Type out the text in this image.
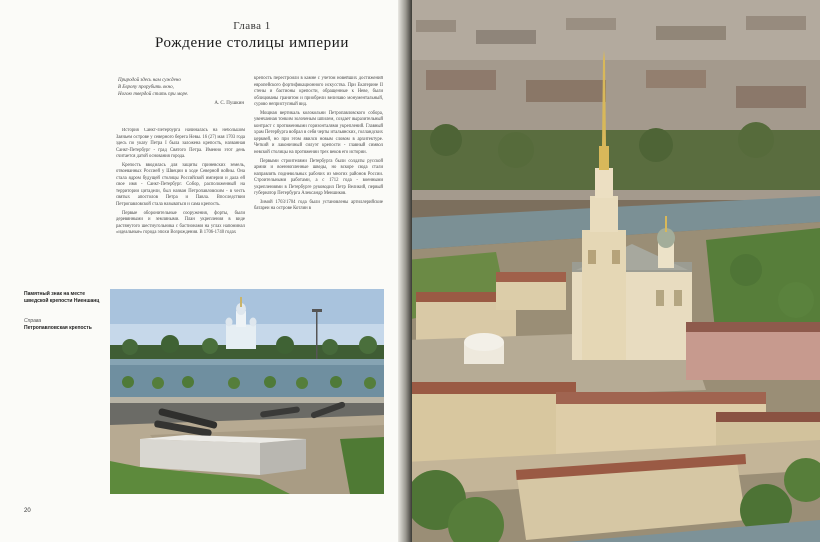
Глава 1
Рождение столицы империи
Природой здесь нам суждено
В Европу прорубить окно,
Ногою твердой стать при море.
А. С. Пушкин

История Санкт-Петербурга начиналась на небольшом Заячьем острове у северного берега Невы. 16 (27) мая 1703 года здесь по указу Петра I была заложена крепость, названная Санкт-Петербург - град Святого Петра. Именно этот день считается датой основания города.

Крепость вводилась для защиты приневских земель, отвоеванных Россией у Швеции в ходе Северной войны. Она стала ядром будущей столицы Российской империи и дала ей свое имя - Санкт-Петербург. Собор, расположенный на территории цитадели, был назван Петропавловским - в честь святых апостолов Петра и Павла. Впоследствии Петропавловской стала называться и сама крепость.

Первые оборонительные сооружения, форты, были деревянными и земляными. План укрепления в виде растянутого шестиугольника с бастионами на углах напоминал «идеальные» города эпохи Возрождения. В 1706-1740 годах

крепость перестроили в камне с учетом новейших достижений европейского фортификационного искусства. При Екатерине II стены и бастионы крепости, обращенные к Неве, были облицованы гранитом и приобрели величаво монументальный, сурово неприступный вид.

Мощная вертикаль колокольни Петропавловского собора, увенчанная тонким золоченым шпилем, создает выразительный контраст с протяженными горизонталями укреплений. Главный храм Петербурга вобрал в себя черты итальянских, голландских церквей, но при этом явился новым словом в архитектуре. Четкий и лаконичный силуэт крепости - главный символ невской столицы на протяжении трех веков его истории.

Первыми строителями Петербурга были солдаты русской армии и военнопленные шведы, но вскоре сюда стали направлять подневольных рабочих из многих районов России. Строительными работами, а с 1712 года - военными укреплениями в Петербурге руководил Петр Великий, первый губернатор Петербурга Александр Меншиков.

Зимой 1703/1704 года были установлены артиллерийские батареи на острове Котлин в

Памятный знак на месте шведской крепости Ниеншанц
Справа
Петропавловская крепость
20
